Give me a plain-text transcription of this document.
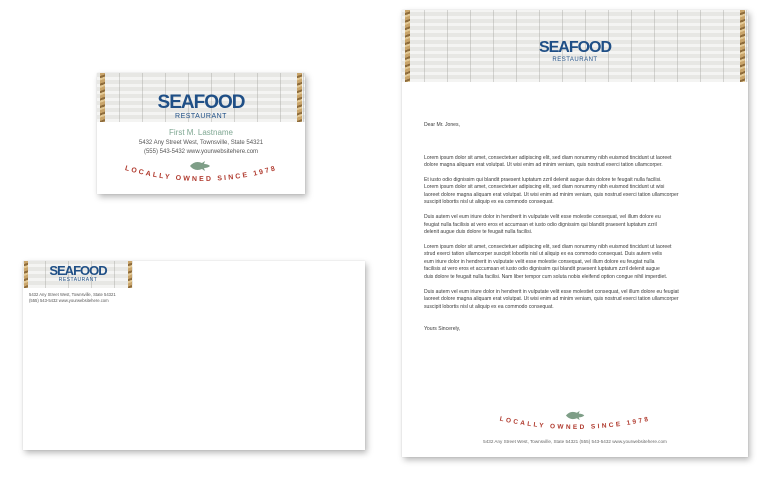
SEAFOOD
RESTAURANT
First M. Lastname
5432 Any Street West, Townsville, State 54321
(555) 543-5432 www.yourwebsitehere.com
LOCALLY OWNED SINCE 1978
SEAFOOD
RESTAURANT
5432 Any Street West, Townsville, State 54321
(555) 543-5432 www.yourwebsitehere.com
SEAFOOD
RESTAURANT

Dear Mr. Jones,

Lorem ipsum dolor sit amet, consectetuer adipiscing elit, sed diam nonummy nibh euismod tincidunt ut laoreet
dolore magna aliquam erat volutpat. Ut wisi enim ad minim veniam, quis nostrud exerci tation ullamcorper.

Et iusto odio dignissim qui blandit praesent luptatum zzril delenit augue duis dolore te feugait nulla facilisi.
Lorem ipsum dolor sit amet, consectetuer adipiscing elit, sed diam nonummy nibh euismod tincidunt ut wisi
laoreet dolore magna aliquam erat volutpat. Ut wisi enim ad minim veniam, quis nostrud exerci tation ullamcorper
suscipit lobortis nisl ut aliquip ex ea commodo consequat.

Duis autem vel eum iriure dolor in hendrerit in vulputate velit esse molestie consequat, vel illum dolore eu
feugiat nulla facilisis at vero eros et accumsan et iusto odio dignissim qui blandit praesent luptatum zzril
delenit augue duis dolore te feugait nulla facilisi.

Lorem ipsum dolor sit amet, consectetuer adipiscing elit, sed diam nonummy nibh euismod tincidunt ut laoreet
strud exerci tation ullamcorper suscipit lobortis nisl ut aliquip ex ea commodo consequat. Duis autem velis
eum iriure dolor in hendrerit in vulputate velit esse molestie consequat, vel illum dolore eu feugiat nulla
facilisis at vero eros et accumsan et iusto odio dignissim qui blandit praesent luptatum zzril delenit augue
duis dolore te feugait nulla facilisi. Nam liber tempor cum soluta nobis eleifend option congue nihil imperdiet.

Duis autem vel eum iriure dolor in hendrerit in vulputate velit esse molestiet consequat, vel illum dolore eu feugiat
laoreet dolore magna aliquam erat volutpat. Ut wisi enim ad minim veniam, quis nostrud exerci tation ullamcorper
suscipit lobortis nisl ut aliquip ex ea commodo consequat.

Yours Sincerely,

LOCALLY OWNED SINCE 1978
5432 Any Street West, Townsville, State 54321 (555) 543-5432 www.yourwebsitehere.com
